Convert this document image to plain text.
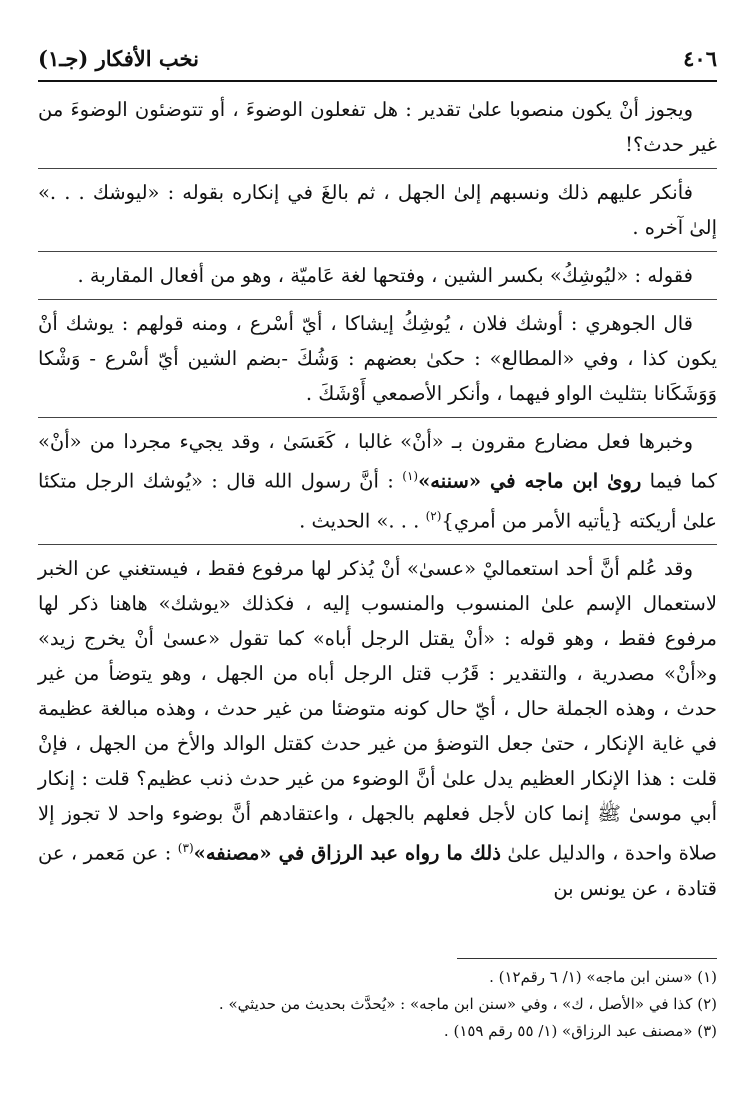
٤٠٦
نخب الأفكار (جـ١)

ويجوز أنْ يكون منصوبا علىٰ تقدير : هل تفعلون الوضوءَ ، أو تتوضئون الوضوءَ من غير حدث؟!

فأنكر عليهم ذلك ونسبهم إلىٰ الجهل ، ثم بالغَ في إنكاره بقوله : «ليوشك . . .» إلىٰ آخره .

فقوله : «ليُوشِكُ» بكسر الشين ، وفتحها لغة عَاميّة ، وهو من أفعال المقاربة .

قال الجوهري : أوشك فلان ، يُوشِكُ إيشاكا ، أيّ أسْرع ، ومنه قولهم : يوشك أنْ يكون كذا ، وفي «المطالع» : حكىٰ بعضهم : وَشُكَ -بضم الشين أيّ أسْرع - وَشْكا وَوَشَكَانا بتثليث الواو فيهما ، وأنكر الأصمعي أَوْشَكَ .

وخبرها فعل مضارع مقرون بـ «أنْ» غالبا ، كَعَسَىٰ ، وقد يجيء مجردا من «أنْ» كما فيما روىٰ ابن ماجه في «سننه»$^{(١)}$ : أنَّ رسول الله قال : «يُوشك الرجل متكئا علىٰ أريكته {يأتيه الأمر من أمري}$^{(٢)}$ . . .» الحديث .

وقد عُلم أنَّ أحد استعماليْ «عسىٰ» أنْ يُذكر لها مرفوع فقط ، فيستغني عن الخبر لاستعمال الإسم علىٰ المنسوب والمنسوب إليه ، فكذلك «يوشك» هاهنا ذكر لها مرفوع فقط ، وهو قوله : «أنْ يقتل الرجل أباه» كما تقول «عسىٰ أنْ يخرج زيد» و«أنْ» مصدرية ، والتقدير : قَرُب قتل الرجل أباه من الجهل ، وهو يتوضأ من غير حدث ، وهذه الجملة حال ، أيّ حال كونه متوضئا من غير حدث ، وهذه مبالغة عظيمة في غاية الإنكار ، حتىٰ جعل التوضؤ من غير حدث كقتل الوالد والأخ من الجهل ، فإنْ قلت : هذا الإنكار العظيم يدل علىٰ أنَّ الوضوء من غير حدث ذنب عظيم؟ قلت : إنكار أبي موسىٰ ﷺ إنما كان لأجل فعلهم بالجهل ، واعتقادهم أنَّ بوضوء واحد لا تجوز إلا صلاة واحدة ، والدليل علىٰ ذلك ما رواه عبد الرزاق في «مصنفه»$^{(٣)}$ : عن مَعمر ، عن قتادة ، عن يونس بن

(١) «سنن ابن ماجه» (١/ ٦ رقم١٢) .
(٢) كذا في «الأصل ، ك» ، وفي «سنن ابن ماجه» : «يُحدَّث بحديث من حديثي» .
(٣) «مصنف عبد الرزاق» (١/ ٥٥ رقم ١٥٩) .
